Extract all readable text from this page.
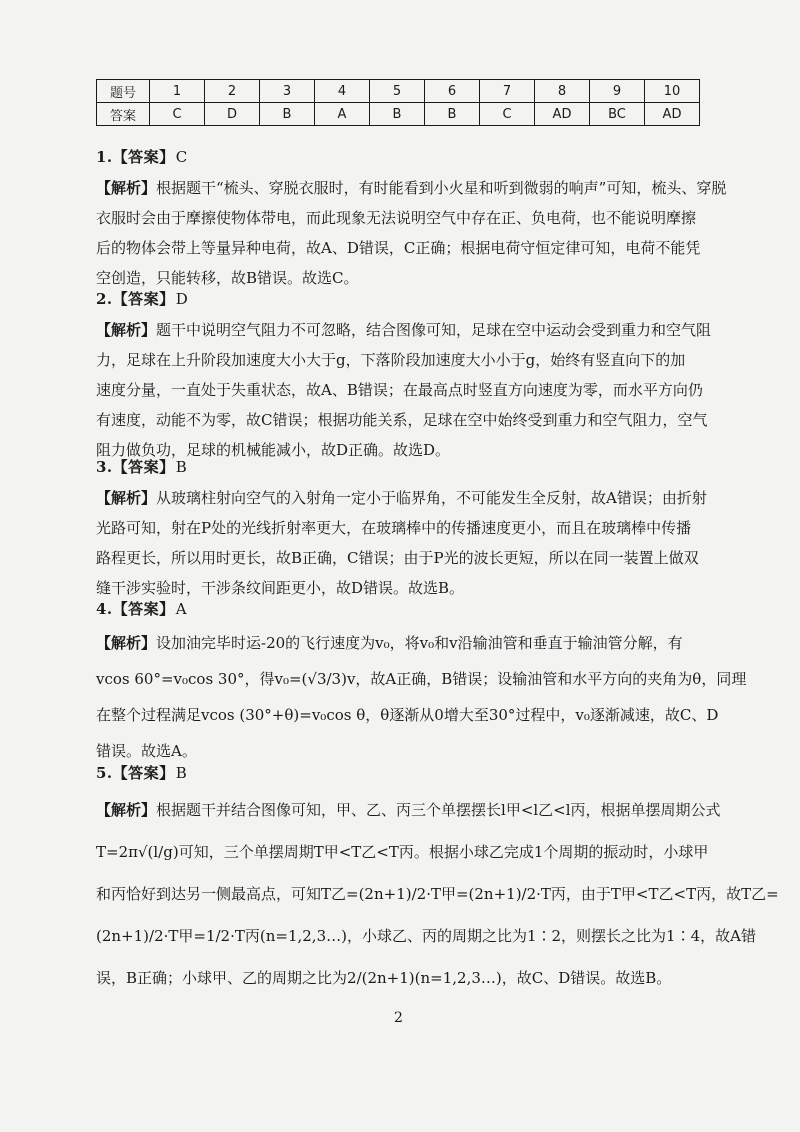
题号	1	2	3	4	5	6	7	8	9	10
答案	C	D	B	A	B	B	C	AD	BC	AD
1.【答案】C
【解析】根据题干“梳头、穿脱衣服时，有时能看到小火星和听到微弱的响声”可知，梳头、穿脱
衣服时会由于摩擦使物体带电，而此现象无法说明空气中存在正、负电荷，也不能说明摩擦
后的物体会带上等量异种电荷，故A、D错误，C正确；根据电荷守恒定律可知，电荷不能凭
空创造，只能转移，故B错误。故选C。
2.【答案】D
【解析】题干中说明空气阻力不可忽略，结合图像可知，足球在空中运动会受到重力和空气阻
力，足球在上升阶段加速度大小大于g，下落阶段加速度大小小于g，始终有竖直向下的加
速度分量，一直处于失重状态，故A、B错误；在最高点时竖直方向速度为零，而水平方向仍
有速度，动能不为零，故C错误；根据功能关系，足球在空中始终受到重力和空气阻力，空气
阻力做负功，足球的机械能减小，故D正确。故选D。
3.【答案】B
【解析】从玻璃柱射向空气的入射角一定小于临界角，不可能发生全反射，故A错误；由折射
光路可知，射在P处的光线折射率更大，在玻璃棒中的传播速度更小，而且在玻璃棒中传播
路程更长，所以用时更长，故B正确，C错误；由于P光的波长更短，所以在同一装置上做双
缝干涉实验时，干涉条纹间距更小，故D错误。故选B。
4.【答案】A
【解析】设加油完毕时运-20的飞行速度为v₀，将v₀和v沿输油管和垂直于输油管分解，有
vcos 60°=v₀cos 30°，得v₀=(√3/3)v，故A正确，B错误；设输油管和水平方向的夹角为θ，同理
在整个过程满足vcos (30°+θ)=v₀cos θ，θ逐渐从0增大至30°过程中，v₀逐渐减速，故C、D
错误。故选A。
5.【答案】B
【解析】根据题干并结合图像可知，甲、乙、丙三个单摆摆长l甲<l乙<l丙，根据单摆周期公式
T=2π√(l/g)可知，三个单摆周期T甲<T乙<T丙。根据小球乙完成1个周期的振动时，小球甲
和丙恰好到达另一侧最高点，可知T乙=(2n+1)/2·T甲=(2n+1)/2·T丙，由于T甲<T乙<T丙，故T乙=
(2n+1)/2·T甲=1/2·T丙(n=1,2,3…)，小球乙、丙的周期之比为1∶2，则摆长之比为1∶4，故A错
误，B正确；小球甲、乙的周期之比为2/(2n+1)(n=1,2,3…)，故C、D错误。故选B。
2
